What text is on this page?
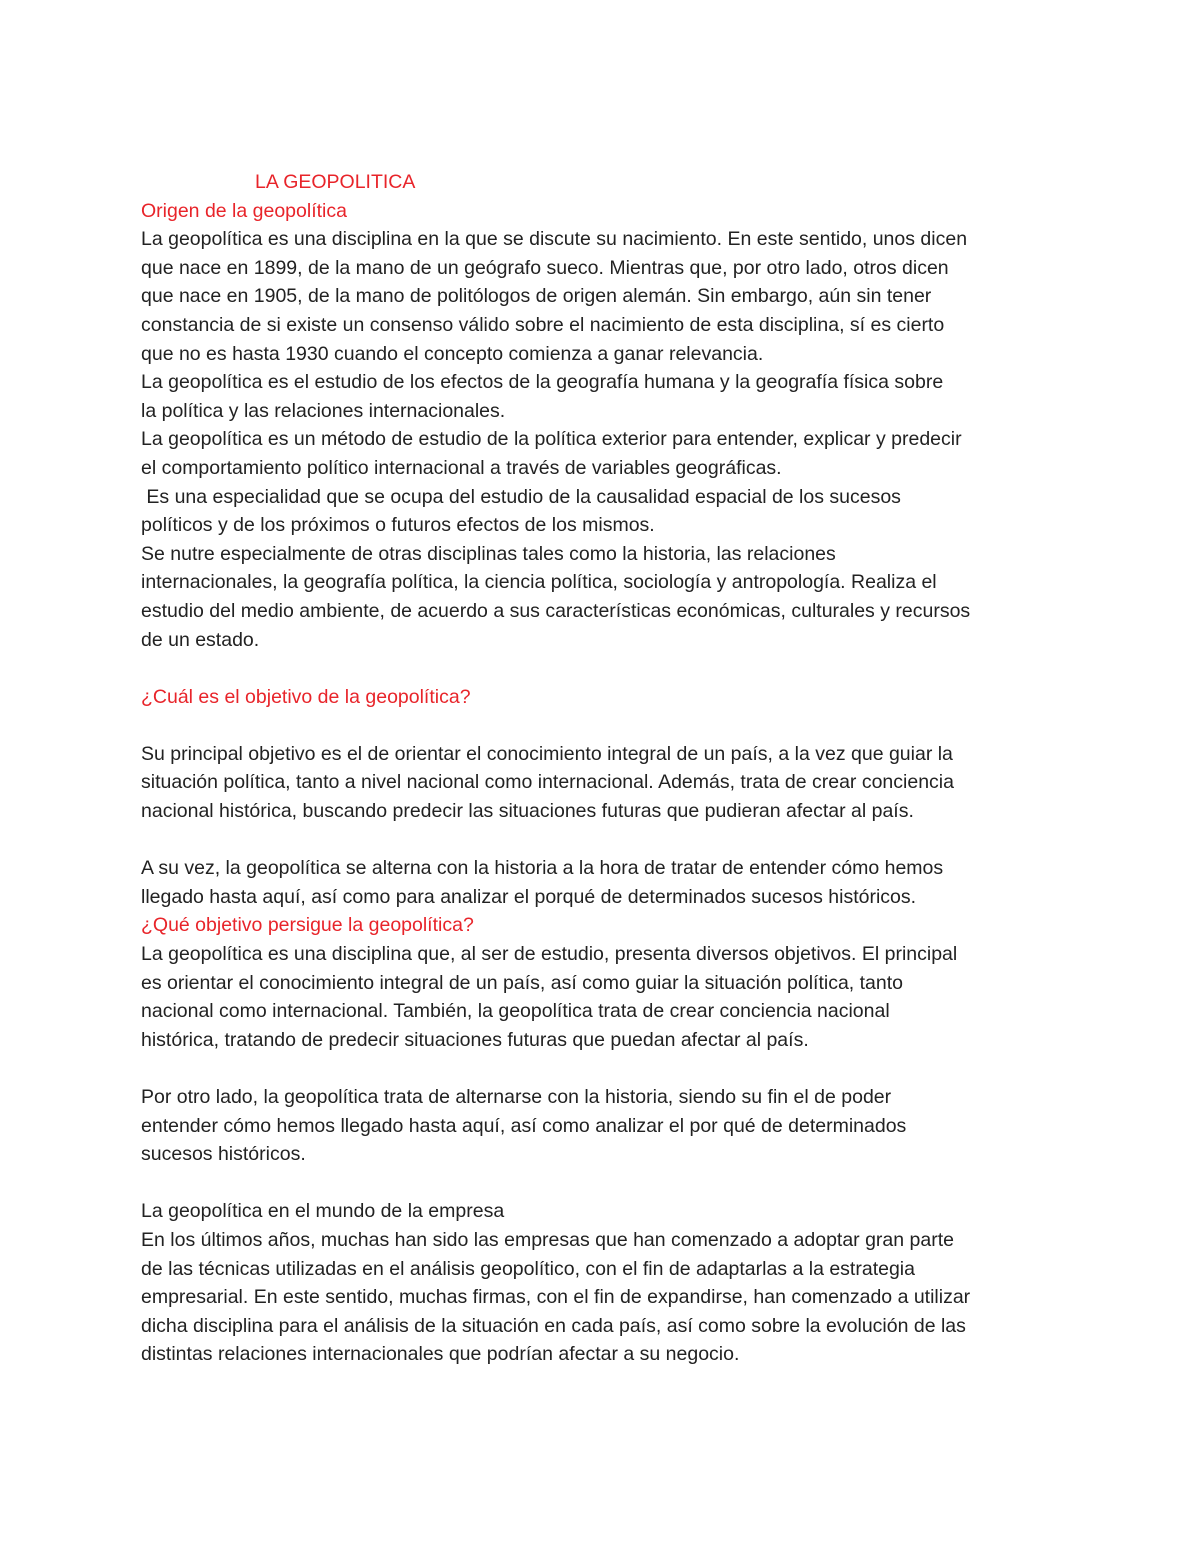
LA GEOPOLITICA
Origen de la geopolítica
La geopolítica es una disciplina en la que se discute su nacimiento. En este sentido, unos dicen
que nace en 1899, de la mano de un geógrafo sueco. Mientras que, por otro lado, otros dicen
que nace en 1905, de la mano de politólogos de origen alemán. Sin embargo, aún sin tener
constancia de si existe un consenso válido sobre el nacimiento de esta disciplina, sí es cierto
que no es hasta 1930 cuando el concepto comienza a ganar relevancia.
La geopolítica es el estudio de los efectos de la geografía humana y la geografía física sobre
la política y las relaciones internacionales.
La geopolítica es un método de estudio de la política exterior para entender, explicar y predecir
el comportamiento político internacional a través de variables geográficas.
Es una especialidad que se ocupa del estudio de la causalidad espacial de los sucesos
políticos y de los próximos o futuros efectos de los mismos.
Se nutre especialmente de otras disciplinas tales como la historia, las relaciones
internacionales, la geografía política, la ciencia política, sociología y antropología. Realiza el
estudio del medio ambiente, de acuerdo a sus características económicas, culturales y recursos
de un estado.
¿Cuál es el objetivo de la geopolítica?
Su principal objetivo es el de orientar el conocimiento integral de un país, a la vez que guiar la
situación política, tanto a nivel nacional como internacional. Además, trata de crear conciencia
nacional histórica, buscando predecir las situaciones futuras que pudieran afectar al país.
A su vez, la geopolítica se alterna con la historia a la hora de tratar de entender cómo hemos
llegado hasta aquí, así como para analizar el porqué de determinados sucesos históricos.
¿Qué objetivo persigue la geopolítica?
La geopolítica es una disciplina que, al ser de estudio, presenta diversos objetivos. El principal
es orientar el conocimiento integral de un país, así como guiar la situación política, tanto
nacional como internacional. También, la geopolítica trata de crear conciencia nacional
histórica, tratando de predecir situaciones futuras que puedan afectar al país.
Por otro lado, la geopolítica trata de alternarse con la historia, siendo su fin el de poder
entender cómo hemos llegado hasta aquí, así como analizar el por qué de determinados
sucesos históricos.
La geopolítica en el mundo de la empresa
En los últimos años, muchas han sido las empresas que han comenzado a adoptar gran parte
de las técnicas utilizadas en el análisis geopolítico, con el fin de adaptarlas a la estrategia
empresarial. En este sentido, muchas firmas, con el fin de expandirse, han comenzado a utilizar
dicha disciplina para el análisis de la situación en cada país, así como sobre la evolución de las
distintas relaciones internacionales que podrían afectar a su negocio.
